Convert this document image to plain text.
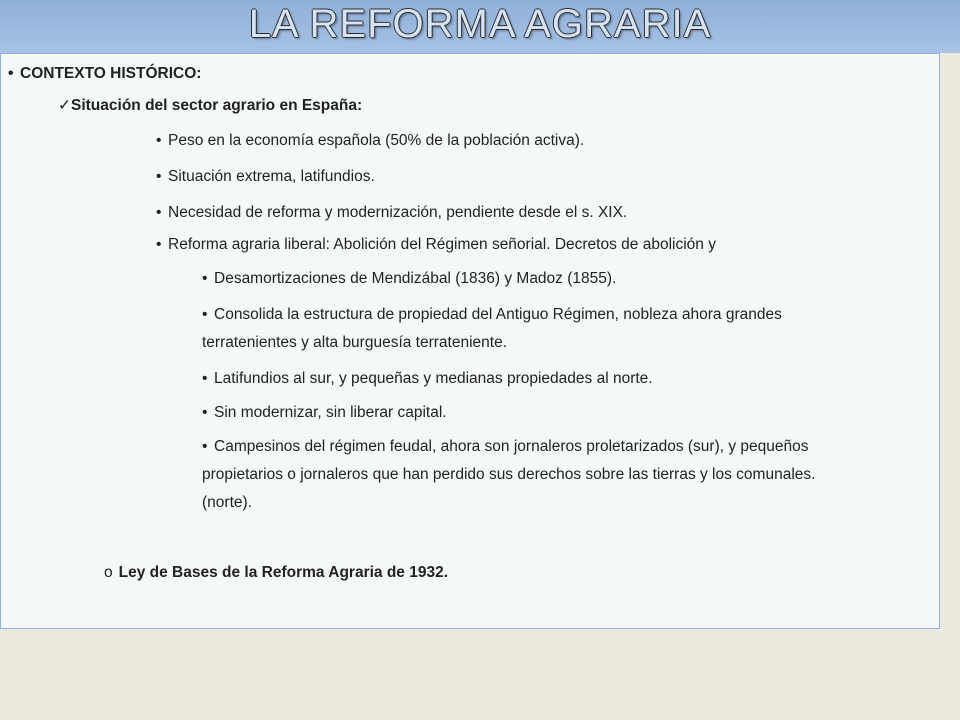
LA REFORMA AGRARIA
• CONTEXTO HISTÓRICO:
✓Situación del sector agrario en España:
• Peso en la economía española (50% de la población activa).
• Situación extrema, latifundios.
• Necesidad de reforma y modernización, pendiente desde el s. XIX.
• Reforma agraria liberal: Abolición del Régimen señorial. Decretos de abolición y
• Desamortizaciones de Mendizábal (1836) y Madoz (1855).
• Consolida la estructura de propiedad del Antiguo Régimen, nobleza ahora grandes
terratenientes y alta burguesía terrateniente.
• Latifundios al sur, y pequeñas y medianas propiedades al norte.
• Sin modernizar, sin liberar capital.
• Campesinos del régimen feudal, ahora son jornaleros proletarizados (sur), y pequeños
propietarios o jornaleros que han perdido sus derechos sobre las tierras y los comunales.
(norte).
o Ley de Bases de la Reforma Agraria de 1932.
